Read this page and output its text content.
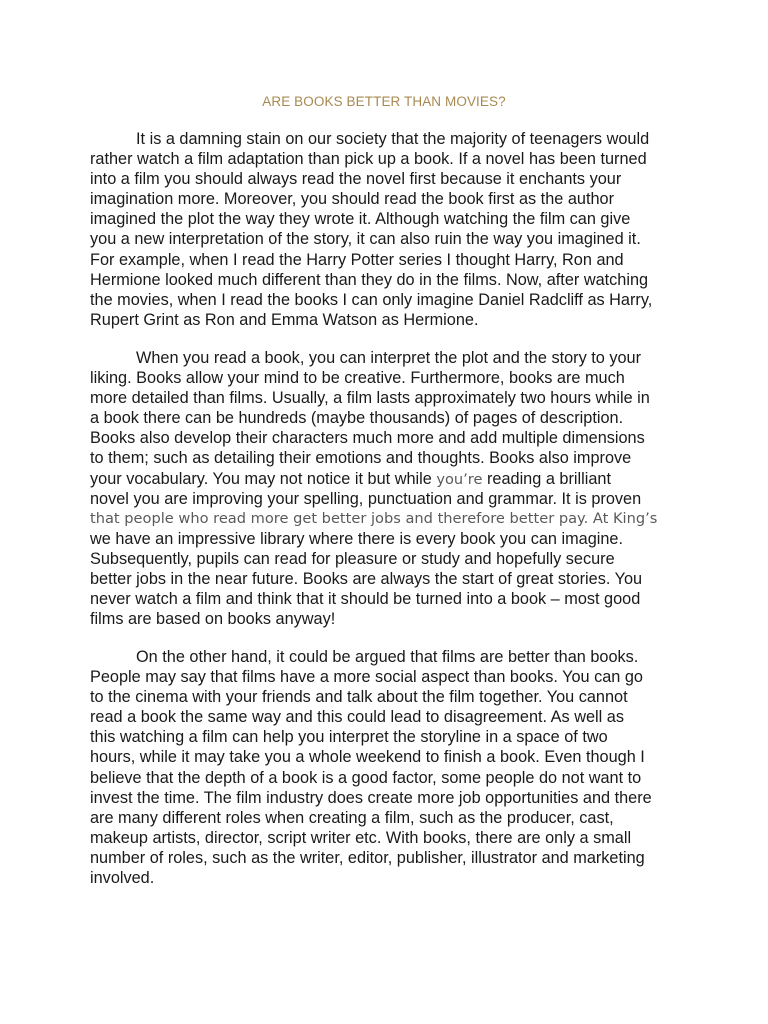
ARE BOOKS BETTER THAN MOVIES?
It is a damning stain on our society that the majority of teenagers would
rather watch a film adaptation than pick up a book. If a novel has been turned
into a film you should always read the novel first because it enchants your
imagination more. Moreover, you should read the book first as the author
imagined the plot the way they wrote it. Although watching the film can give
you a new interpretation of the story, it can also ruin the way you imagined it.
For example, when I read the Harry Potter series I thought Harry, Ron and
Hermione looked much different than they do in the films. Now, after watching
the movies, when I read the books I can only imagine Daniel Radcliff as Harry,
Rupert Grint as Ron and Emma Watson as Hermione.
When you read a book, you can interpret the plot and the story to your
liking. Books allow your mind to be creative. Furthermore, books are much
more detailed than films. Usually, a film lasts approximately two hours while in
a book there can be hundreds (maybe thousands) of pages of description.
Books also develop their characters much more and add multiple dimensions
to them; such as detailing their emotions and thoughts. Books also improve
your vocabulary. You may not notice it but while you’re reading a brilliant
novel you are improving your spelling, punctuation and grammar. It is proven
that people who read more get better jobs and therefore better pay. At King’s
we have an impressive library where there is every book you can imagine.
Subsequently, pupils can read for pleasure or study and hopefully secure
better jobs in the near future. Books are always the start of great stories. You
never watch a film and think that it should be turned into a book – most good
films are based on books anyway!
On the other hand, it could be argued that films are better than books.
People may say that films have a more social aspect than books. You can go
to the cinema with your friends and talk about the film together. You cannot
read a book the same way and this could lead to disagreement. As well as
this watching a film can help you interpret the storyline in a space of two
hours, while it may take you a whole weekend to finish a book. Even though I
believe that the depth of a book is a good factor, some people do not want to
invest the time. The film industry does create more job opportunities and there
are many different roles when creating a film, such as the producer, cast,
makeup artists, director, script writer etc. With books, there are only a small
number of roles, such as the writer, editor, publisher, illustrator and marketing
involved.
